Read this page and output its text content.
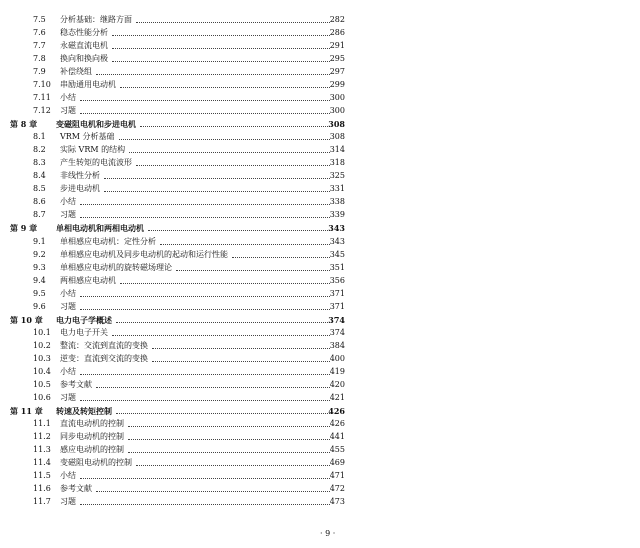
7.5	分析基础：继路方面	282
7.6	稳态性能分析	286
7.7	永磁直流电机	291
7.8	换向和换向极	295
7.9	补偿绕组	297
7.10	串励通用电动机	299
7.11	小结	300
7.12	习题	300
第 8 章 变磁阻电机和步进电机	308
8.1	VRM 分析基础	308
8.2	实际 VRM 的结构	314
8.3	产生转矩的电流波形	318
8.4	非线性分析	325
8.5	步进电动机	331
8.6	小结	338
8.7	习题	339
第 9 章 单相电动机和两相电动机	343
9.1	单相感应电动机：定性分析	343
9.2	单相感应电动机及同步电动机的起动和运行性能	345
9.3	单相感应电动机的旋转磁场理论	351
9.4	两相感应电动机	356
9.5	小结	371
9.6	习题	371
第 10 章 电力电子学概述	374
10.1	电力电子开关	374
10.2	整流：交流到直流的变换	384
10.3	逆变：直流到交流的变换	400
10.4	小结	419
10.5	参考文献	420
10.6	习题	421
第 11 章 转速及转矩控制	426
11.1	直流电动机的控制	426
11.2	同步电动机的控制	441
11.3	感应电动机的控制	455
11.4	变磁阻电动机的控制	469
11.5	小结	471
11.6	参考文献	472
11.7	习题	473
· 9 ·
